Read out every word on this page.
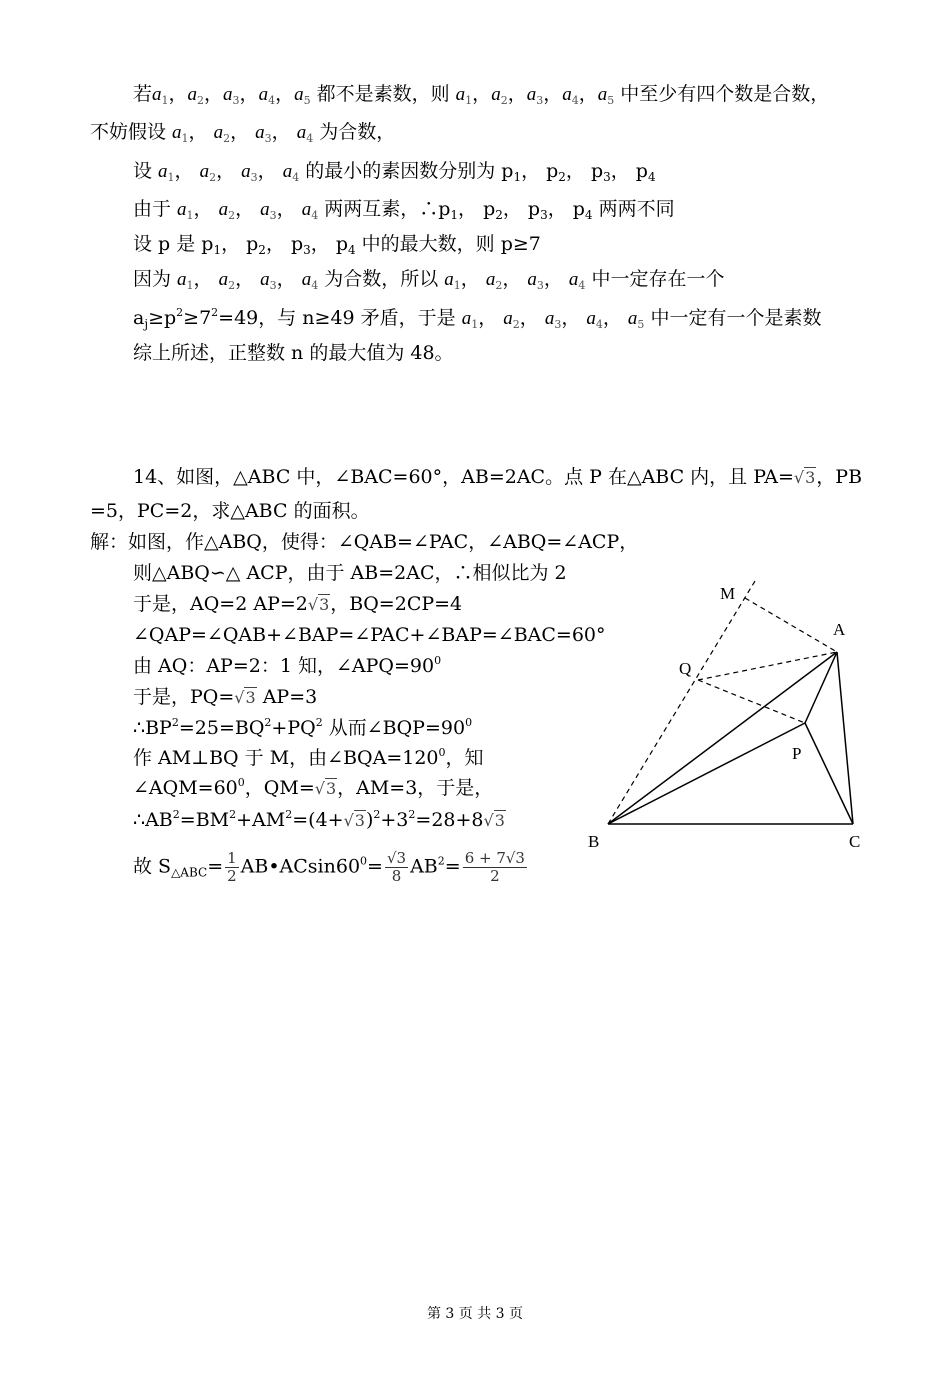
若$a_1$，$a_2$，$a_3$，$a_4$，$a_5$ 都不是素数，则 $a_1$，$a_2$，$a_3$，$a_4$，$a_5$ 中至少有四个数是合数，
不妨假设 $a_1$， $a_2$， $a_3$， $a_4$ 为合数，
设 $a_1$， $a_2$， $a_3$， $a_4$ 的最小的素因数分别为 $p_1$， $p_2$， $p_3$， $p_4$
由于 $a_1$， $a_2$， $a_3$， $a_4$ 两两互素，$\therefore p_1$， $p_2$， $p_3$， $p_4$ 两两不同
设 p 是 $p_1$， $p_2$， $p_3$， $p_4$ 中的最大数，则 p≥7
因为 $a_1$， $a_2$， $a_3$， $a_4$ 为合数，所以 $a_1$， $a_2$， $a_3$， $a_4$ 中一定存在一个
$a_j\ge p^2\ge 7^2=49$，与 n≥49 矛盾，于是 $a_1$， $a_2$， $a_3$， $a_4$， $a_5$ 中一定有一个是素数
综上所述，正整数 n 的最大值为 48。
14、如图，△ABC 中，∠BAC=60°，AB=2AC。点 P 在△ABC 内，且 PA=√3，PB
=5，PC=2，求△ABC 的面积。
解：如图，作△ABQ，使得：∠QAB=∠PAC，∠ABQ=∠ACP，
则△ABQ∽△ ACP，由于 AB=2AC，∴相似比为 2
于是，AQ=2 AP=2√3，BQ=2CP=4
∠QAP=∠QAB+∠BAP=∠PAC+∠BAP=∠BAC=60°
由 AQ：AP=2：1 知，$\angle APQ=90^0$
于是，PQ=√3 AP=3
$\therefore BP^2=25=BQ^2+PQ^2$ 从而$\angle BQP=90^0$
作 AM⊥BQ 于 M，由$\angle BQA=120^0$，知
$\angle AQM=60^0$，QM=√3，AM=3，于是，
$\therefore AB^2=BM^2+AM^2=(4+√3)^2+3^2=28+8√3$
故 $S_{\triangle ABC}= \frac{1}{2}$ $AB•ACsin60^0= \frac{√3}{8} AB^2= \frac{6 + 7√3}{2}$
M
A
Q
P
B	C
第 3 页 共 3 页
